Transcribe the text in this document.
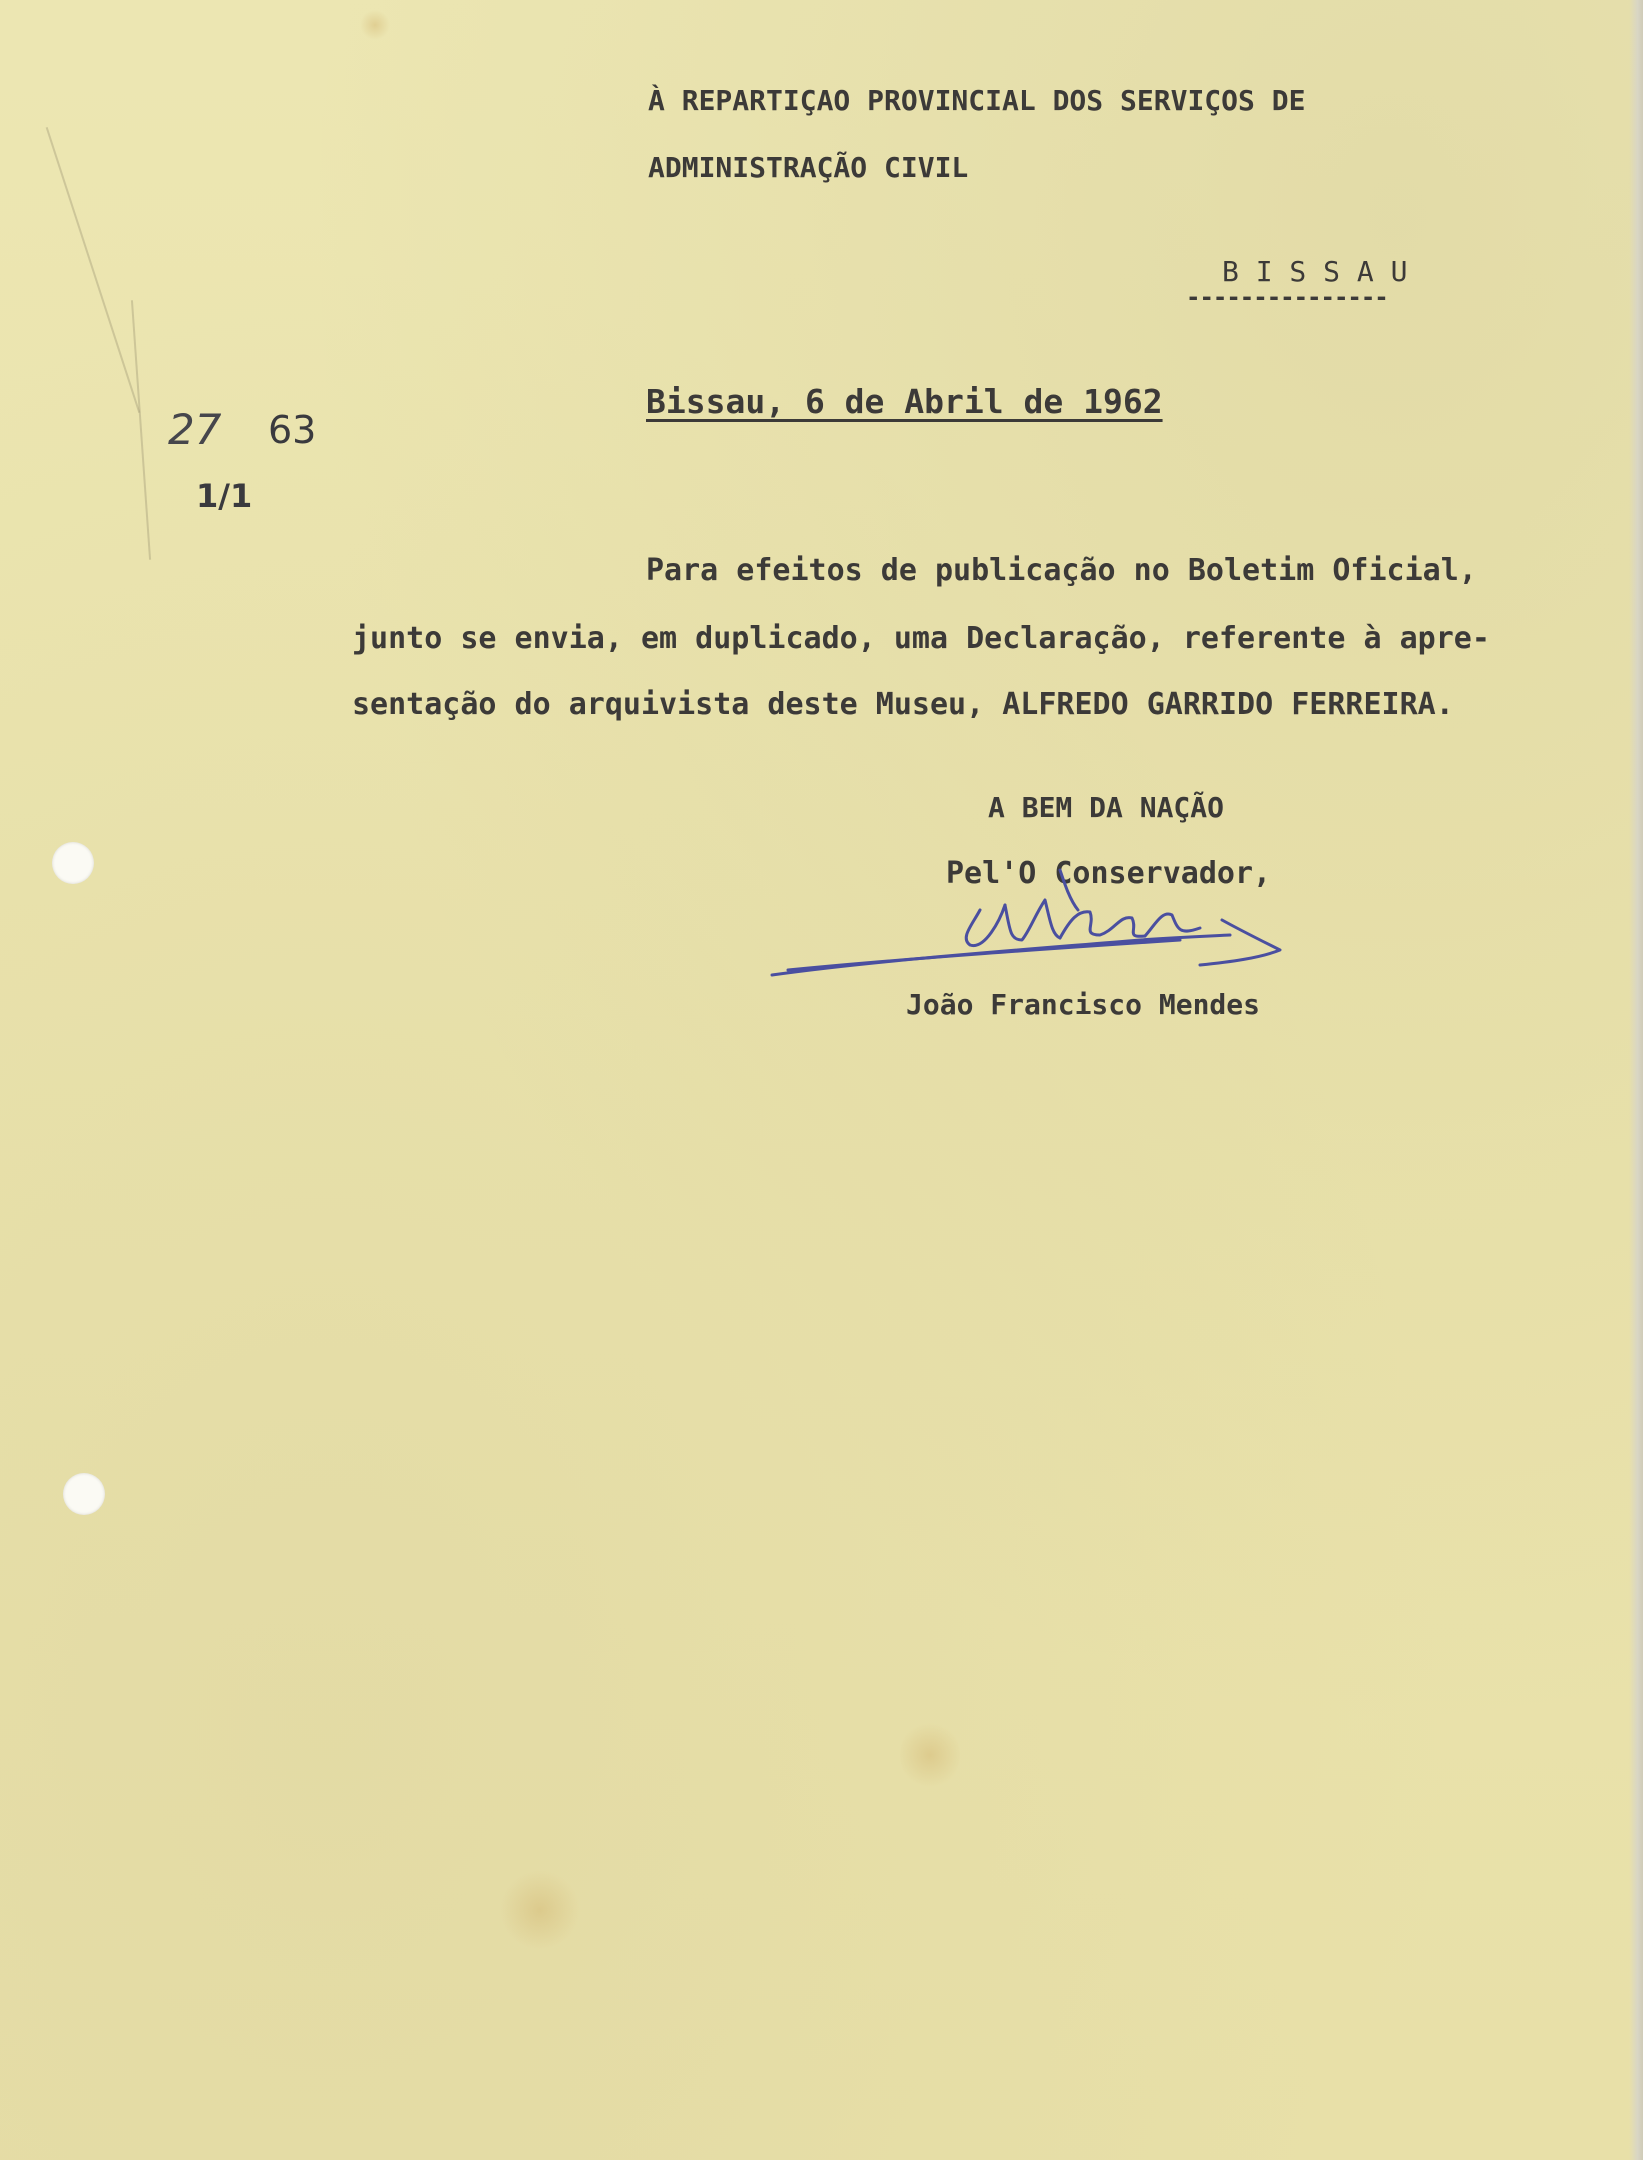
À REPARTIÇAO PROVINCIAL DOS SERVIÇOS DE
ADMINISTRAÇÃO CIVIL
B I S S A U
---------------
27 63
1/1
Bissau, 6 de Abril de 1962
Para efeitos de publicação no Boletim Oficial,
junto se envia, em duplicado, uma Declaração, referente à apre-
sentação do arquivista deste Museu, ALFREDO GARRIDO FERREIRA.
A BEM DA NAÇÃO
Pel'O Conservador,
João Francisco Mendes
